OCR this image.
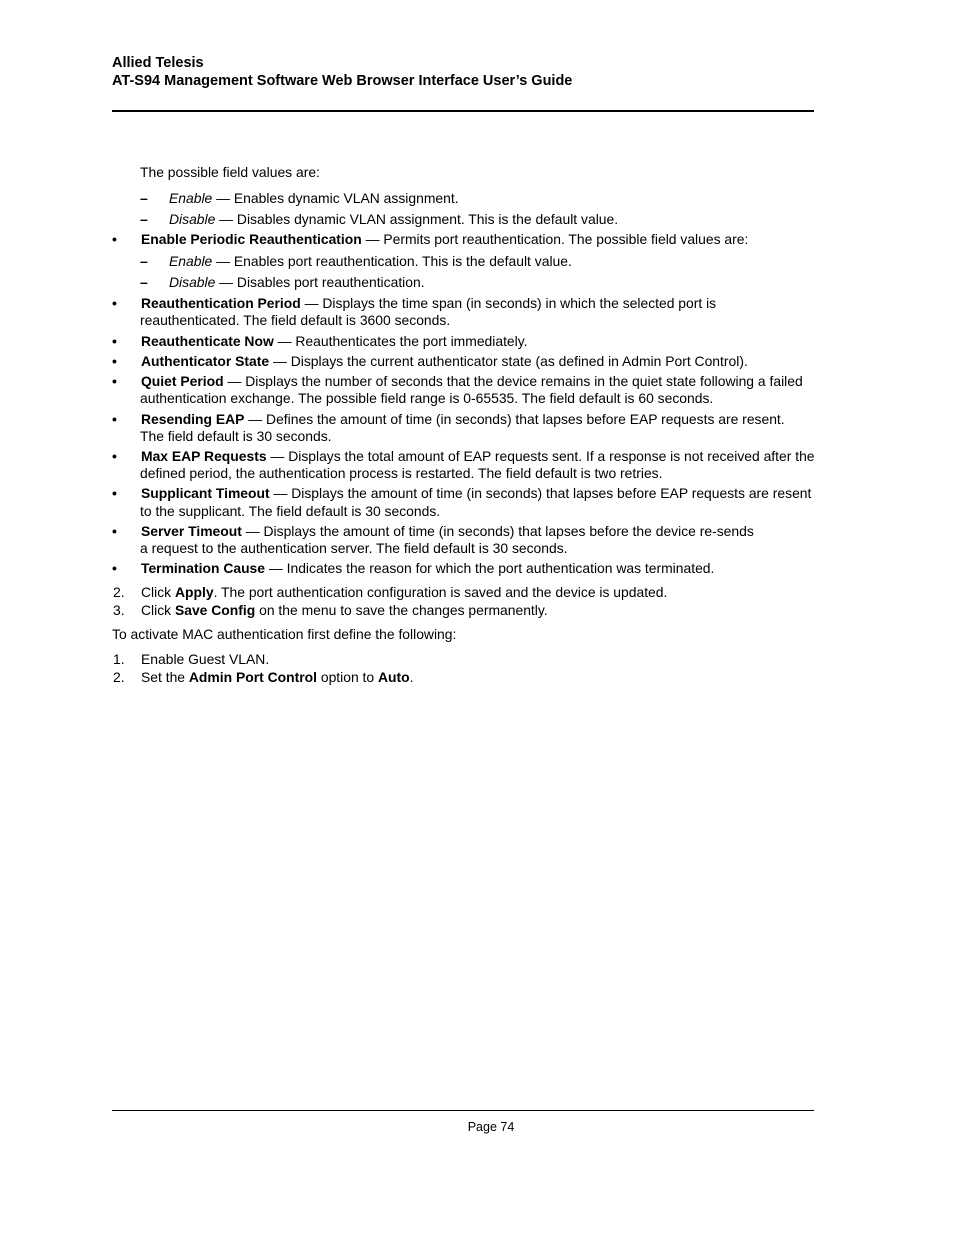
Allied Telesis
AT-S94 Management Software Web Browser Interface User’s Guide
The possible field values are:
– Enable — Enables dynamic VLAN assignment.
– Disable — Disables dynamic VLAN assignment. This is the default value.
• Enable Periodic Reauthentication — Permits port reauthentication. The possible field values are:
– Enable — Enables port reauthentication. This is the default value.
– Disable — Disables port reauthentication.
• Reauthentication Period — Displays the time span (in seconds) in which the selected port is
reauthenticated. The field default is 3600 seconds.
• Reauthenticate Now — Reauthenticates the port immediately.
• Authenticator State — Displays the current authenticator state (as defined in Admin Port Control).
• Quiet Period — Displays the number of seconds that the device remains in the quiet state following a failed
authentication exchange. The possible field range is 0-65535. The field default is 60 seconds.
• Resending EAP — Defines the amount of time (in seconds) that lapses before EAP requests are resent.
The field default is 30 seconds.
• Max EAP Requests — Displays the total amount of EAP requests sent. If a response is not received after the
defined period, the authentication process is restarted. The field default is two retries.
• Supplicant Timeout — Displays the amount of time (in seconds) that lapses before EAP requests are resent
to the supplicant. The field default is 30 seconds.
• Server Timeout — Displays the amount of time (in seconds) that lapses before the device re-sends
a request to the authentication server. The field default is 30 seconds.
• Termination Cause — Indicates the reason for which the port authentication was terminated.
2. Click Apply. The port authentication configuration is saved and the device is updated.
3. Click Save Config on the menu to save the changes permanently.
To activate MAC authentication first define the following:
1. Enable Guest VLAN.
2. Set the Admin Port Control option to Auto.
Page 74
